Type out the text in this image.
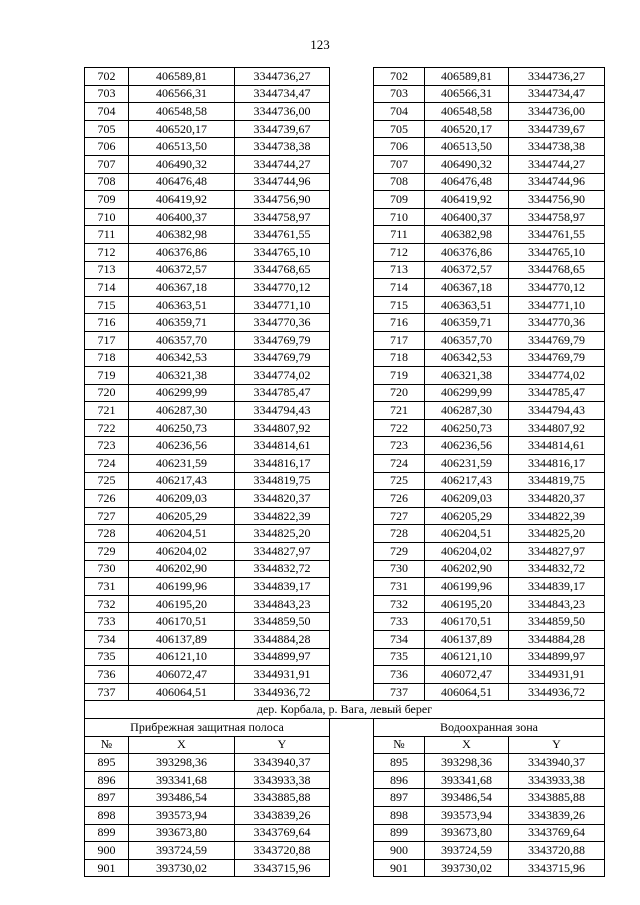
123
702	406589,81	3344736,27		702	406589,81	3344736,27
703	406566,31	3344734,47		703	406566,31	3344734,47
704	406548,58	3344736,00		704	406548,58	3344736,00
705	406520,17	3344739,67		705	406520,17	3344739,67
706	406513,50	3344738,38		706	406513,50	3344738,38
707	406490,32	3344744,27		707	406490,32	3344744,27
708	406476,48	3344744,96		708	406476,48	3344744,96
709	406419,92	3344756,90		709	406419,92	3344756,90
710	406400,37	3344758,97		710	406400,37	3344758,97
711	406382,98	3344761,55		711	406382,98	3344761,55
712	406376,86	3344765,10		712	406376,86	3344765,10
713	406372,57	3344768,65		713	406372,57	3344768,65
714	406367,18	3344770,12		714	406367,18	3344770,12
715	406363,51	3344771,10		715	406363,51	3344771,10
716	406359,71	3344770,36		716	406359,71	3344770,36
717	406357,70	3344769,79		717	406357,70	3344769,79
718	406342,53	3344769,79		718	406342,53	3344769,79
719	406321,38	3344774,02		719	406321,38	3344774,02
720	406299,99	3344785,47		720	406299,99	3344785,47
721	406287,30	3344794,43		721	406287,30	3344794,43
722	406250,73	3344807,92		722	406250,73	3344807,92
723	406236,56	3344814,61		723	406236,56	3344814,61
724	406231,59	3344816,17		724	406231,59	3344816,17
725	406217,43	3344819,75		725	406217,43	3344819,75
726	406209,03	3344820,37		726	406209,03	3344820,37
727	406205,29	3344822,39		727	406205,29	3344822,39
728	406204,51	3344825,20		728	406204,51	3344825,20
729	406204,02	3344827,97		729	406204,02	3344827,97
730	406202,90	3344832,72		730	406202,90	3344832,72
731	406199,96	3344839,17		731	406199,96	3344839,17
732	406195,20	3344843,23		732	406195,20	3344843,23
733	406170,51	3344859,50		733	406170,51	3344859,50
734	406137,89	3344884,28		734	406137,89	3344884,28
735	406121,10	3344899,97		735	406121,10	3344899,97
736	406072,47	3344931,91		736	406072,47	3344931,91
737	406064,51	3344936,72		737	406064,51	3344936,72
дер. Корбала, р. Вага, левый берег						
Прибрежная защитная полоса				Водоохранная зона		
№	X	Y		№	X	Y
895	393298,36	3343940,37		895	393298,36	3343940,37
896	393341,68	3343933,38		896	393341,68	3343933,38
897	393486,54	3343885,88		897	393486,54	3343885,88
898	393573,94	3343839,26		898	393573,94	3343839,26
899	393673,80	3343769,64		899	393673,80	3343769,64
900	393724,59	3343720,88		900	393724,59	3343720,88
901	393730,02	3343715,96		901	393730,02	3343715,96
